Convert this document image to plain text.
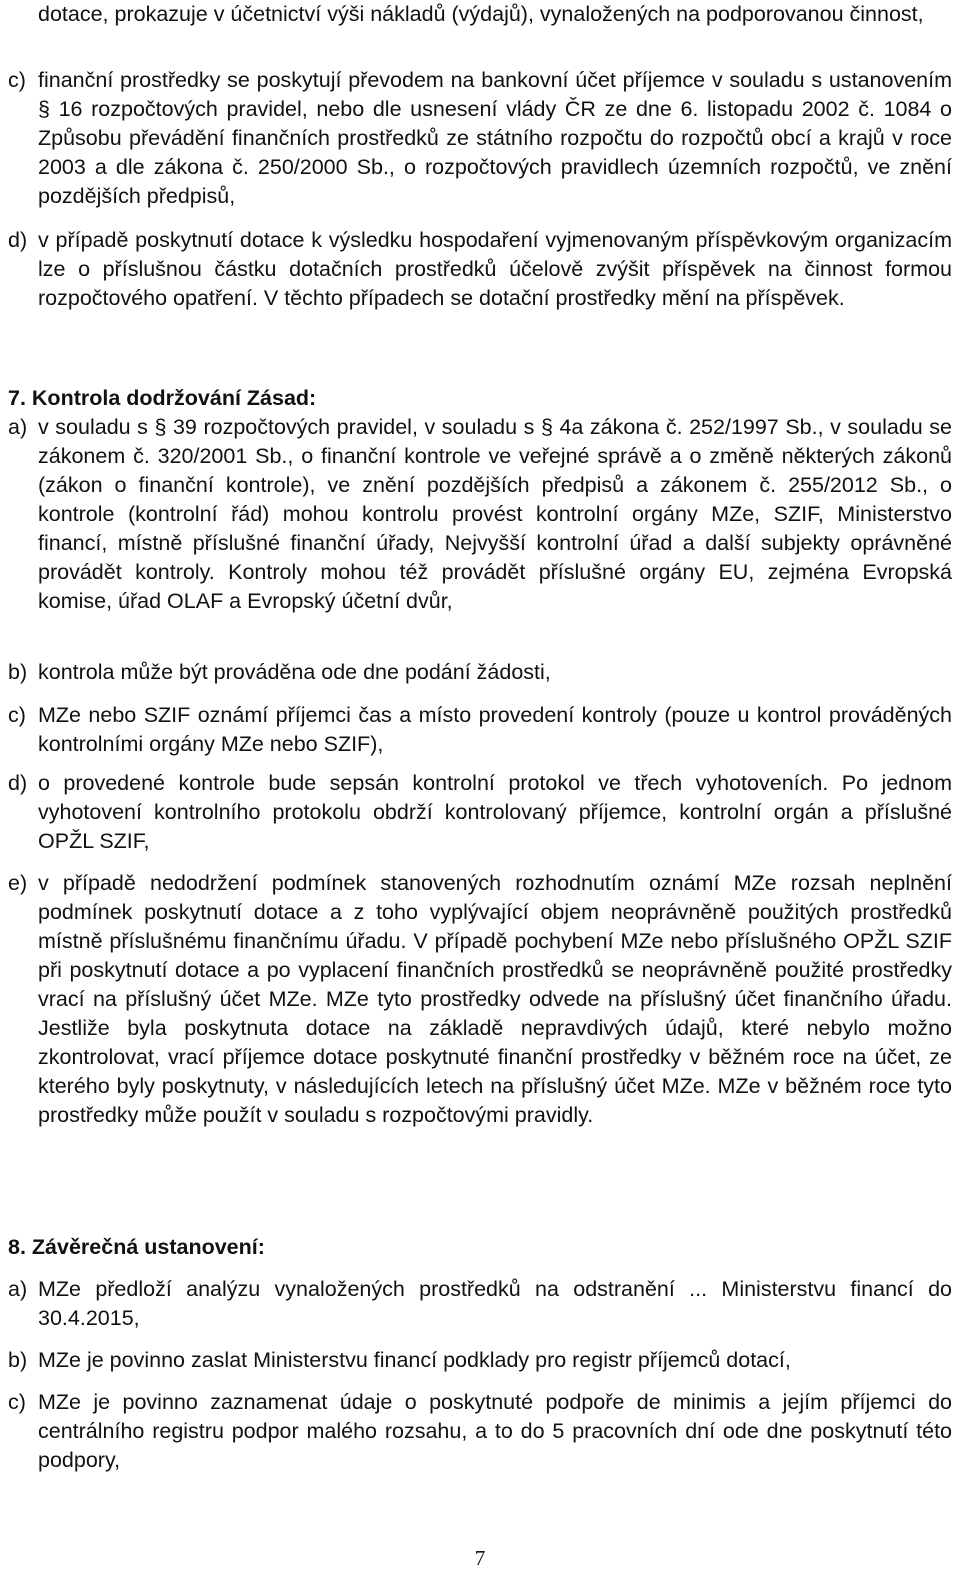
dotace, prokazuje v účetnictví výši nákladů (výdajů), vynaložených na podporovanou činnost,
c) finanční prostředky se poskytují převodem na bankovní účet příjemce v souladu s ustanovením § 16 rozpočtových pravidel, nebo dle usnesení vlády ČR ze dne 6. listopadu 2002 č. 1084 o Způsobu převádění finančních prostředků ze státního rozpočtu do rozpočtů obcí a krajů v roce 2003 a dle zákona č. 250/2000 Sb., o rozpočtových pravidlech územních rozpočtů, ve znění pozdějších předpisů,
d) v případě poskytnutí dotace k výsledku hospodaření vyjmenovaným příspěvkovým organizacím lze o příslušnou částku dotačních prostředků účelově zvýšit příspěvek na činnost formou rozpočtového opatření. V těchto případech se dotační prostředky mění na příspěvek.
7. Kontrola dodržování Zásad:
a) v souladu s § 39 rozpočtových pravidel, v souladu s § 4a zákona č. 252/1997 Sb., v souladu se zákonem č. 320/2001 Sb., o finanční kontrole ve veřejné správě a o změně některých zákonů (zákon o finanční kontrole), ve znění pozdějších předpisů a zákonem č. 255/2012 Sb., o kontrole (kontrolní řád) mohou kontrolu provést kontrolní orgány MZe, SZIF, Ministerstvo financí, místně příslušné finanční úřady, Nejvyšší kontrolní úřad a další subjekty oprávněné provádět kontroly. Kontroly mohou též provádět příslušné orgány EU, zejména Evropská komise, úřad OLAF a Evropský účetní dvůr,
b) kontrola může být prováděna ode dne podání žádosti,
c) MZe nebo SZIF oznámí příjemci čas a místo provedení kontroly (pouze u kontrol prováděných kontrolními orgány MZe nebo SZIF),
d) o provedené kontrole bude sepsán kontrolní protokol ve třech vyhotoveních. Po jednom vyhotovení kontrolního protokolu obdrží kontrolovaný příjemce, kontrolní orgán a příslušné OPŽL SZIF,
e) v případě nedodržení podmínek stanovených rozhodnutím oznámí MZe rozsah neplnění podmínek poskytnutí dotace a z toho vyplývající objem neoprávněně použitých prostředků místně příslušnému finančnímu úřadu. V případě pochybení MZe nebo příslušného OPŽL SZIF při poskytnutí dotace a po vyplacení finančních prostředků se neoprávněně použité prostředky vrací na příslušný účet MZe. MZe tyto prostředky odvede na příslušný účet finančního úřadu. Jestliže byla poskytnuta dotace na základě nepravdivých údajů, které nebylo možno zkontrolovat, vrací příjemce dotace poskytnuté finanční prostředky v běžném roce na účet, ze kterého byly poskytnuty, v následujících letech na příslušný účet MZe. MZe v běžném roce tyto prostředky může použít v souladu s rozpočtovými pravidly.
8. Závěrečná ustanovení:
a) MZe předloží analýzu vynaložených prostředků na odstranění ... Ministerstvu financí do 30.4.2015,
b) MZe je povinno zaslat Ministerstvu financí podklady pro registr příjemců dotací,
c) MZe je povinno zaznamenat údaje o poskytnuté podpoře de minimis a jejím příjemci do centrálního registru podpor malého rozsahu, a to do 5 pracovních dní ode dne poskytnutí této podpory,
7
